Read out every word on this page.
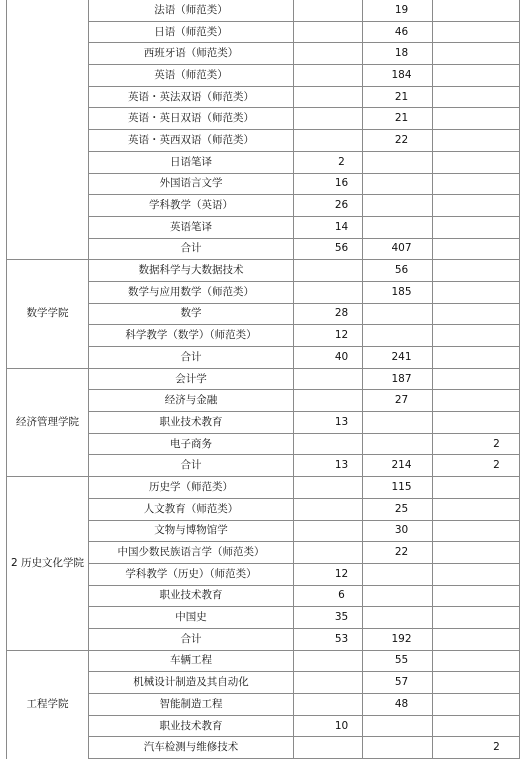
	法语（师范类）		19	
	日语（师范类）		46	
	西班牙语（师范类）		18	
	英语（师范类）		184	
	英语・英法双语（师范类）		21	
	英语・英日双语（师范类）		21	
	英语・英西双语（师范类）		22	
	日语笔译	2		
	外国语言文学	16		
	学科教学（英语）	26		
	英语笔译	14		
	合计	56	407	
数学学院	数据科学与大数据技术		56	
	数学与应用数学（师范类）		185	
	数学	28		
	科学教学（数学）（师范类）	12		
	合计	40	241	
经济管理学院	会计学		187	
	经济与金融		27	
	职业技术教育	13		
	电子商务			2
	合计	13	214	2
2 历史文化学院	历史学（师范类）		115	
	人文教育（师范类）		25	
	文物与博物馆学		30	
	中国少数民族语言学（师范类）		22	
	学科教学（历史）（师范类）	12		
	职业技术教育	6		
	中国史	35		
	合计	53	192	
工程学院	车辆工程		55	
	机械设计制造及其自动化		57	
	智能制造工程		48	
	职业技术教育	10		
	汽车检测与维修技术			2
